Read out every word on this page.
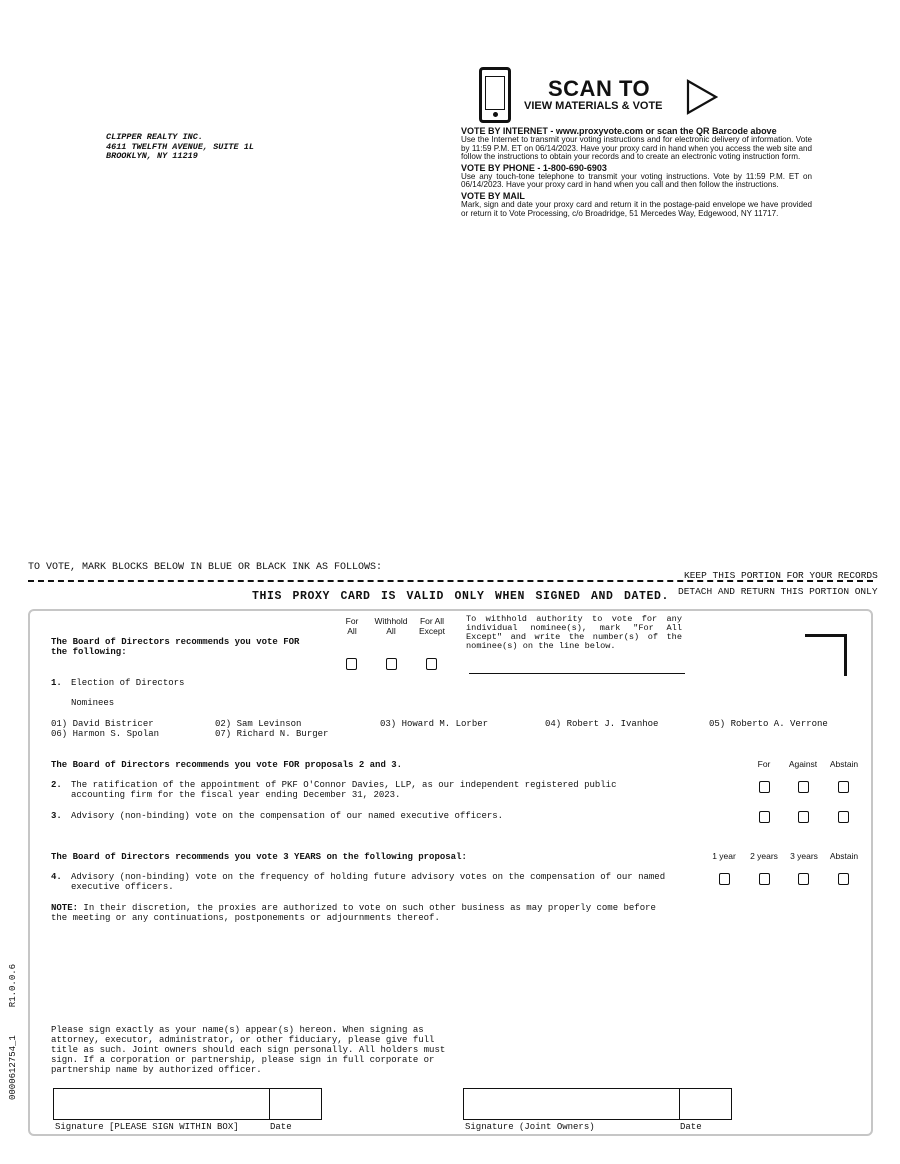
CLIPPER REALTY INC.
4611 TWELFTH AVENUE, SUITE 1L
BROOKLYN, NY 11219
SCAN TO
VIEW MATERIALS & VOTE
VOTE BY INTERNET - www.proxyvote.com or scan the QR Barcode above
Use the Internet to transmit your voting instructions and for electronic delivery of information. Vote by 11:59 P.M. ET on 06/14/2023. Have your proxy card in hand when you access the web site and follow the instructions to obtain your records and to create an electronic voting instruction form.
VOTE BY PHONE - 1-800-690-6903
Use any touch-tone telephone to transmit your voting instructions. Vote by 11:59 P.M. ET on 06/14/2023. Have your proxy card in hand when you call and then follow the instructions.
VOTE BY MAIL
Mark, sign and date your proxy card and return it in the postage-paid envelope we have provided or return it to Vote Processing, c/o Broadridge, 51 Mercedes Way, Edgewood, NY 11717.
TO VOTE, MARK BLOCKS BELOW IN BLUE OR BLACK INK AS FOLLOWS:
KEEP THIS PORTION FOR YOUR RECORDS
DETACH AND RETURN THIS PORTION ONLY
THIS PROXY CARD IS VALID ONLY WHEN SIGNED AND DATED.
The Board of Directors recommends you vote FOR
the following:
For
All
Withhold
All
For All
Except
To withhold authority to vote for any
individual nominee(s), mark "For All
Except" and write the number(s) of the
nominee(s) on the line below.
1. Election of Directors
Nominees
01) David Bistricer	02) Sam Levinson	03) Howard M. Lorber	04) Robert J. Ivanhoe	05) Roberto A. Verrone
06) Harmon S. Spolan	07) Richard N. Burger
The Board of Directors recommends you vote FOR proposals 2 and 3.	For	Against	Abstain
2. The ratification of the appointment of PKF O'Connor Davies, LLP, as our independent registered public
accounting firm for the fiscal year ending December 31, 2023.
3. Advisory (non-binding) vote on the compensation of our named executive officers.
The Board of Directors recommends you vote 3 YEARS on the following proposal:	1 year	2 years	3 years	Abstain
4. Advisory (non-binding) vote on the frequency of holding future advisory votes on the compensation of our named
executive officers.
NOTE: In their discretion, the proxies are authorized to vote on such other business as may properly come before
the meeting or any continuations, postponements or adjournments thereof.
Please sign exactly as your name(s) appear(s) hereon. When signing as
attorney, executor, administrator, or other fiduciary, please give full
title as such. Joint owners should each sign personally. All holders must
sign. If a corporation or partnership, please sign in full corporate or
partnership name by authorized officer.
Signature [PLEASE SIGN WITHIN BOX]	Date	Signature (Joint Owners)	Date
0000612754_1R1.0.0.6
